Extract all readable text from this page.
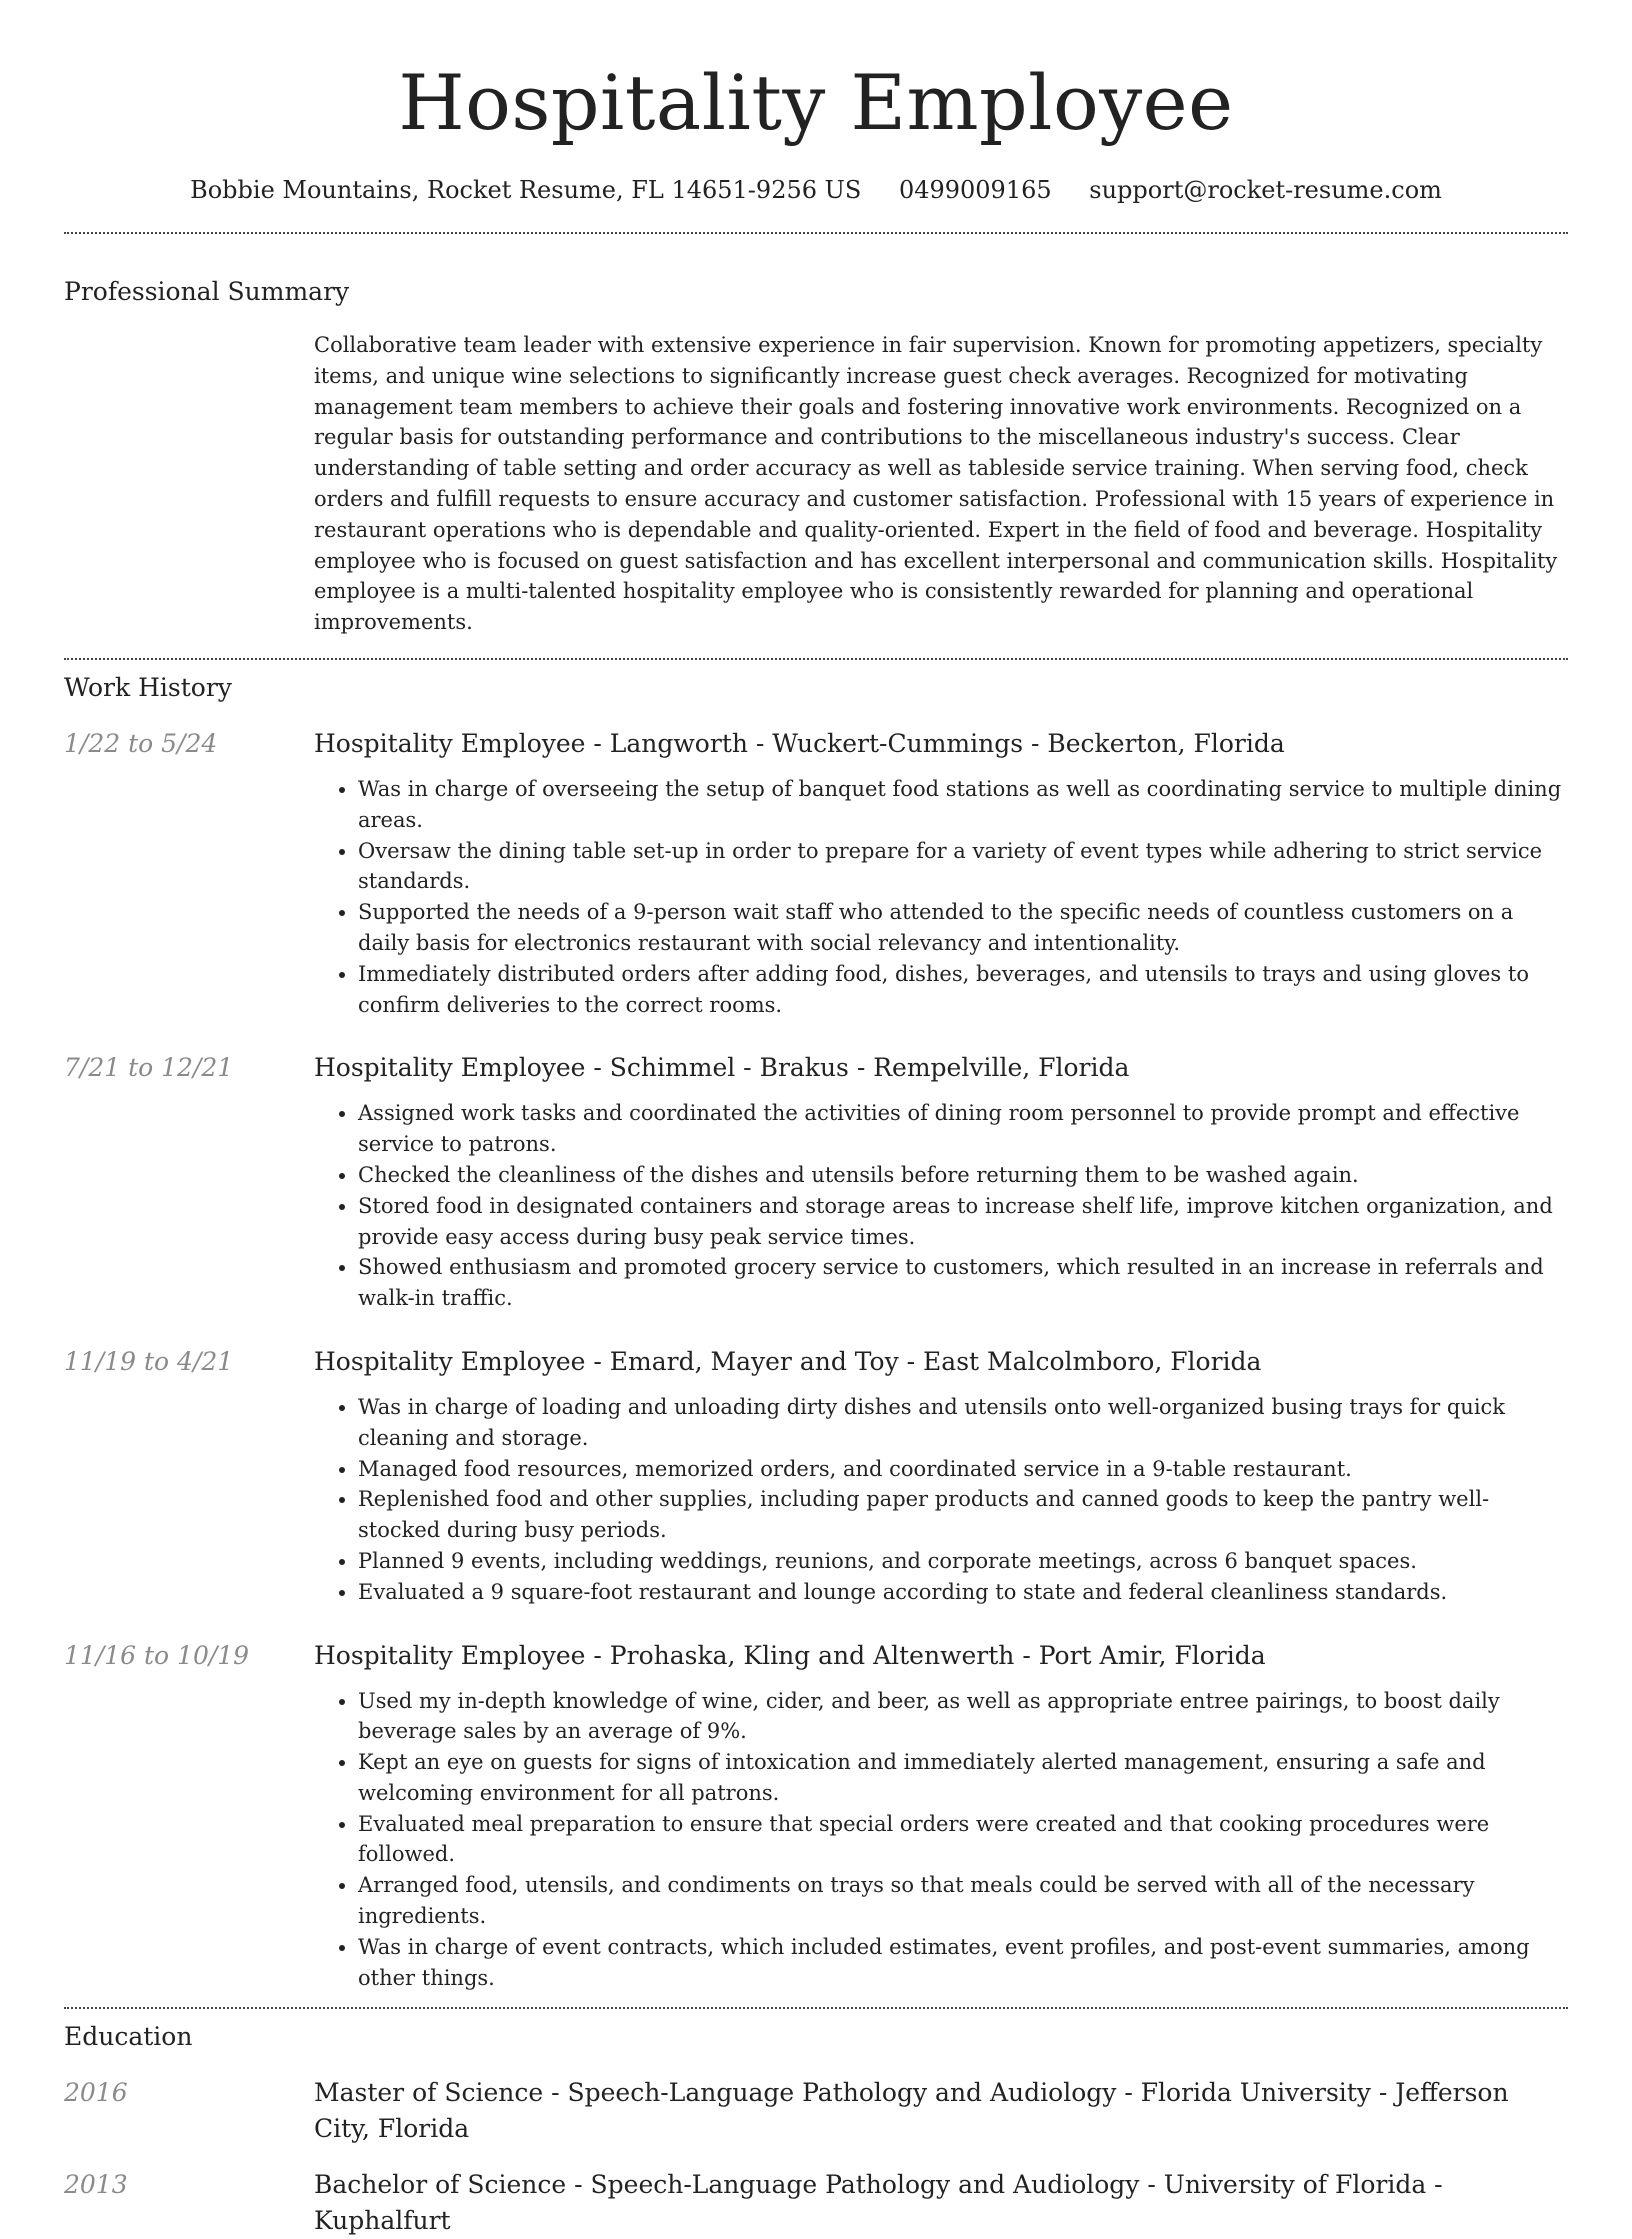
Hospitality Employee
Bobbie Mountains, Rocket Resume, FL 14651-9256 US 0499009165 support@rocket-resume.com
Professional Summary
Collaborative team leader with extensive experience in fair supervision. Known for promoting appetizers, specialty items, and unique wine selections to significantly increase guest check averages. Recognized for motivating management team members to achieve their goals and fostering innovative work environments. Recognized on a regular basis for outstanding performance and contributions to the miscellaneous industry's success. Clear understanding of table setting and order accuracy as well as tableside service training. When serving food, check orders and fulfill requests to ensure accuracy and customer satisfaction. Professional with 15 years of experience in restaurant operations who is dependable and quality-oriented. Expert in the field of food and beverage. Hospitality employee who is focused on guest satisfaction and has excellent interpersonal and communication skills. Hospitality employee is a multi-talented hospitality employee who is consistently rewarded for planning and operational improvements.
Work History
1/22 to 5/24	Hospitality Employee - Langworth - Wuckert-Cummings - Beckerton, Florida
• Was in charge of overseeing the setup of banquet food stations as well as coordinating service to multiple dining areas.
• Oversaw the dining table set-up in order to prepare for a variety of event types while adhering to strict service standards.
• Supported the needs of a 9-person wait staff who attended to the specific needs of countless customers on a daily basis for electronics restaurant with social relevancy and intentionality.
• Immediately distributed orders after adding food, dishes, beverages, and utensils to trays and using gloves to confirm deliveries to the correct rooms.
7/21 to 12/21	Hospitality Employee - Schimmel - Brakus - Rempelville, Florida
• Assigned work tasks and coordinated the activities of dining room personnel to provide prompt and effective service to patrons.
• Checked the cleanliness of the dishes and utensils before returning them to be washed again.
• Stored food in designated containers and storage areas to increase shelf life, improve kitchen organization, and provide easy access during busy peak service times.
• Showed enthusiasm and promoted grocery service to customers, which resulted in an increase in referrals and walk-in traffic.
11/19 to 4/21	Hospitality Employee - Emard, Mayer and Toy - East Malcolmboro, Florida
• Was in charge of loading and unloading dirty dishes and utensils onto well-organized busing trays for quick cleaning and storage.
• Managed food resources, memorized orders, and coordinated service in a 9-table restaurant.
• Replenished food and other supplies, including paper products and canned goods to keep the pantry well-stocked during busy periods.
• Planned 9 events, including weddings, reunions, and corporate meetings, across 6 banquet spaces.
• Evaluated a 9 square-foot restaurant and lounge according to state and federal cleanliness standards.
11/16 to 10/19	Hospitality Employee - Prohaska, Kling and Altenwerth - Port Amir, Florida
• Used my in-depth knowledge of wine, cider, and beer, as well as appropriate entree pairings, to boost daily beverage sales by an average of 9%.
• Kept an eye on guests for signs of intoxication and immediately alerted management, ensuring a safe and welcoming environment for all patrons.
• Evaluated meal preparation to ensure that special orders were created and that cooking procedures were followed.
• Arranged food, utensils, and condiments on trays so that meals could be served with all of the necessary ingredients.
• Was in charge of event contracts, which included estimates, event profiles, and post-event summaries, among other things.
Education
2016	Master of Science - Speech-Language Pathology and Audiology - Florida University - Jefferson City, Florida
2013	Bachelor of Science - Speech-Language Pathology and Audiology - University of Florida - Kuphalfurt
